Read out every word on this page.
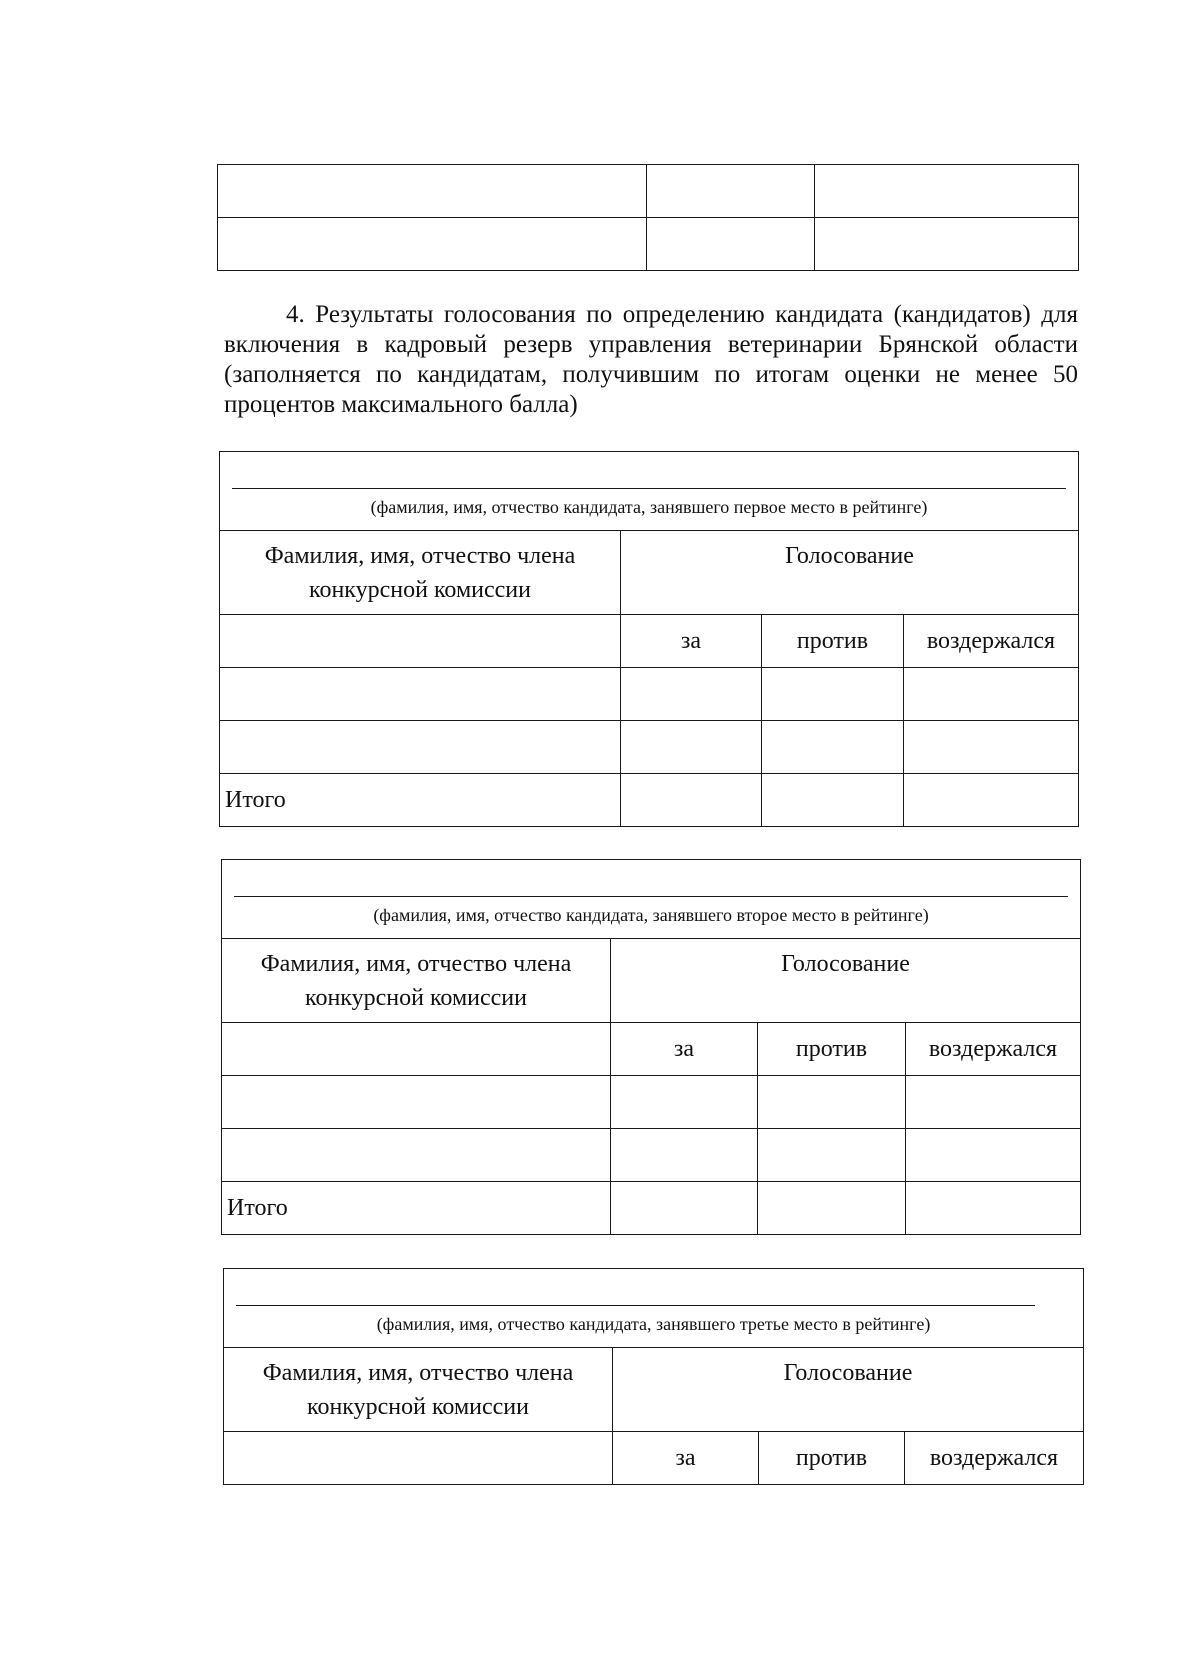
4. Результаты голосования по определению кандидата (кандидатов) для включения в кадровый резерв управления ветеринарии Брянской области (заполняется по кандидатам, получившим по итогам оценки не менее 50 процентов максимального балла)

(фамилия, имя, отчество кандидата, занявшего первое место в рейтинге)			

Фамилия, имя, отчество члена конкурсной комиссии	Голосование		
	за	против	воздержался

Итого			
(фамилия, имя, отчество кандидата, занявшего второе место в рейтинге)			

Фамилия, имя, отчество члена конкурсной комиссии	Голосование		
	за	против	воздержался

Итого			
(фамилия, имя, отчество кандидата, занявшего третье место в рейтинге)			

Фамилия, имя, отчество члена конкурсной комиссии	Голосование		
	за	против	воздержался
